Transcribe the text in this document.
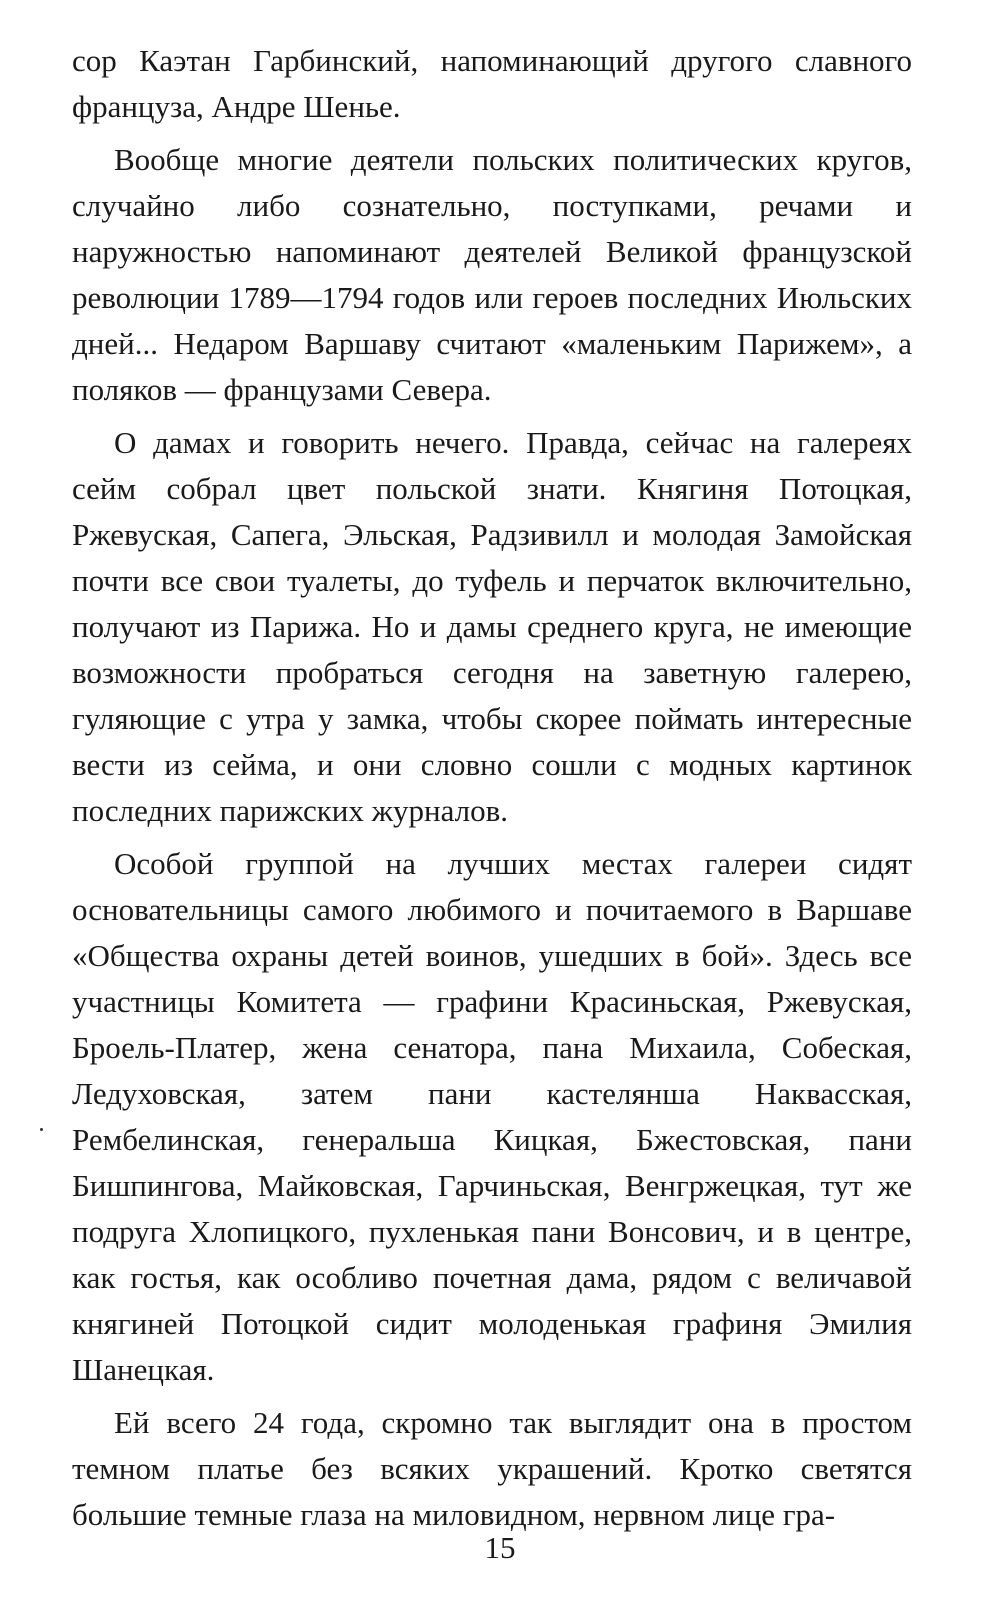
сор Каэтан Гарбинский, напоминающий другого славного француза, Андре Шенье.

Вообще многие деятели польских политических кругов, случайно либо сознательно, поступками, речами и наружностью напоминают деятелей Великой французской революции 1789—1794 годов или героев последних Июльских дней... Недаром Варшаву считают «маленьким Парижем», а поляков — французами Севера.

О дамах и говорить нечего. Правда, сейчас на галереях сейм собрал цвет польской знати. Княгиня Потоцкая, Ржевуская, Сапега, Эльская, Радзивилл и молодая Замойская почти все свои туалеты, до туфель и перчаток включительно, получают из Парижа. Но и дамы среднего круга, не имеющие возможности пробраться сегодня на заветную галерею, гуляющие с утра у замка, чтобы скорее поймать интересные вести из сейма, и они словно сошли с модных картинок последних парижских журналов.

Особой группой на лучших местах галереи сидят основательницы самого любимого и почитаемого в Варшаве «Общества охраны детей воинов, ушедших в бой». Здесь все участницы Комитета — графини Красиньская, Ржевуская, Броель-Платер, жена сенатора, пана Михаила, Собеская, Ледуховская, затем пани кастелянша Наквасская, Рембелинская, генеральша Кицкая, Бжестовская, пани Бишпингова, Майковская, Гарчиньская, Венгржецкая, тут же подруга Хлопицкого, пухленькая пани Вонсович, и в центре, как гостья, как особливо почетная дама, рядом с величавой княгиней Потоцкой сидит молоденькая графиня Эмилия Шанецкая.

Ей всего 24 года, скромно так выглядит она в простом темном платье без всяких украшений. Кротко светятся большие темные глаза на миловидном, нервном лице гра-

15
